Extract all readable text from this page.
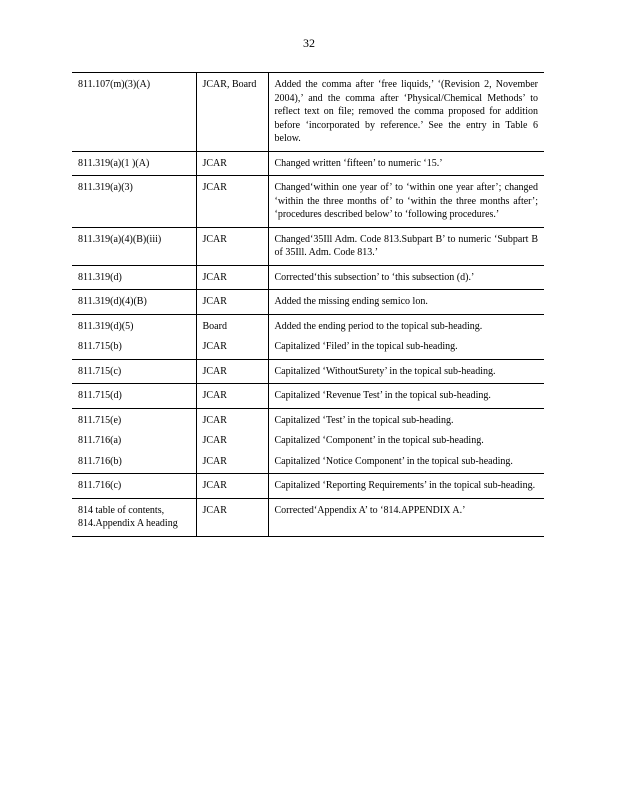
32
811.107(m)(3)(A)	JCAR, Board	Added the comma after ‘free liquids,’ ‘(Revision 2, November 2004),’ and the comma after ‘Physical/Chemical Methods’ to reflect text on file; removed the comma proposed for addition before ‘incorporated by reference.’ See the entry in Table 6 below.
811.319(a)(1 )(A)	JCAR	Changed written ‘fifteen’ to numeric ‘15.’
811.319(a)(3)	JCAR	Changed‘within one year of’ to ‘within one year after’; changed ‘within the three months of’ to ‘within the three months after’; ‘procedures described below’ to ‘following procedures.’
811.319(a)(4)(B)(iii)	JCAR	Changed‘35Ill Adm. Code 813.Subpart B’ to numeric ‘Subpart B of 35Ill. Adm. Code 813.’
811.319(d)	JCAR	Corrected‘this subsection’ to ‘this subsection (d).’
811.319(d)(4)(B)	JCAR	Added the missing ending semico lon.
811.319(d)(5)	Board	Added the ending period to the topical sub-heading.
811.715(b)	JCAR	Capitalized ‘Filed’ in the topical sub-heading.
811.715(c)	JCAR	Capitalized ‘WithoutSurety’ in the topical sub-heading.
811.715(d)	JCAR	Capitalized ‘Revenue Test’ in the topical sub-heading.
811.715(e)	JCAR	Capitalized ‘Test’ in the topical sub-heading.
811.716(a)	JCAR	Capitalized ‘Component’ in the topical sub-heading.
811.716(b)	JCAR	Capitalized ‘Notice Component’ in the topical sub-heading.
811.716(c)	JCAR	Capitalized ‘Reporting Requirements’ in the topical sub-heading.
814 table of contents, 814.Appendix A heading	JCAR	Corrected‘Appendix A’ to ‘814.APPENDIX A.’
